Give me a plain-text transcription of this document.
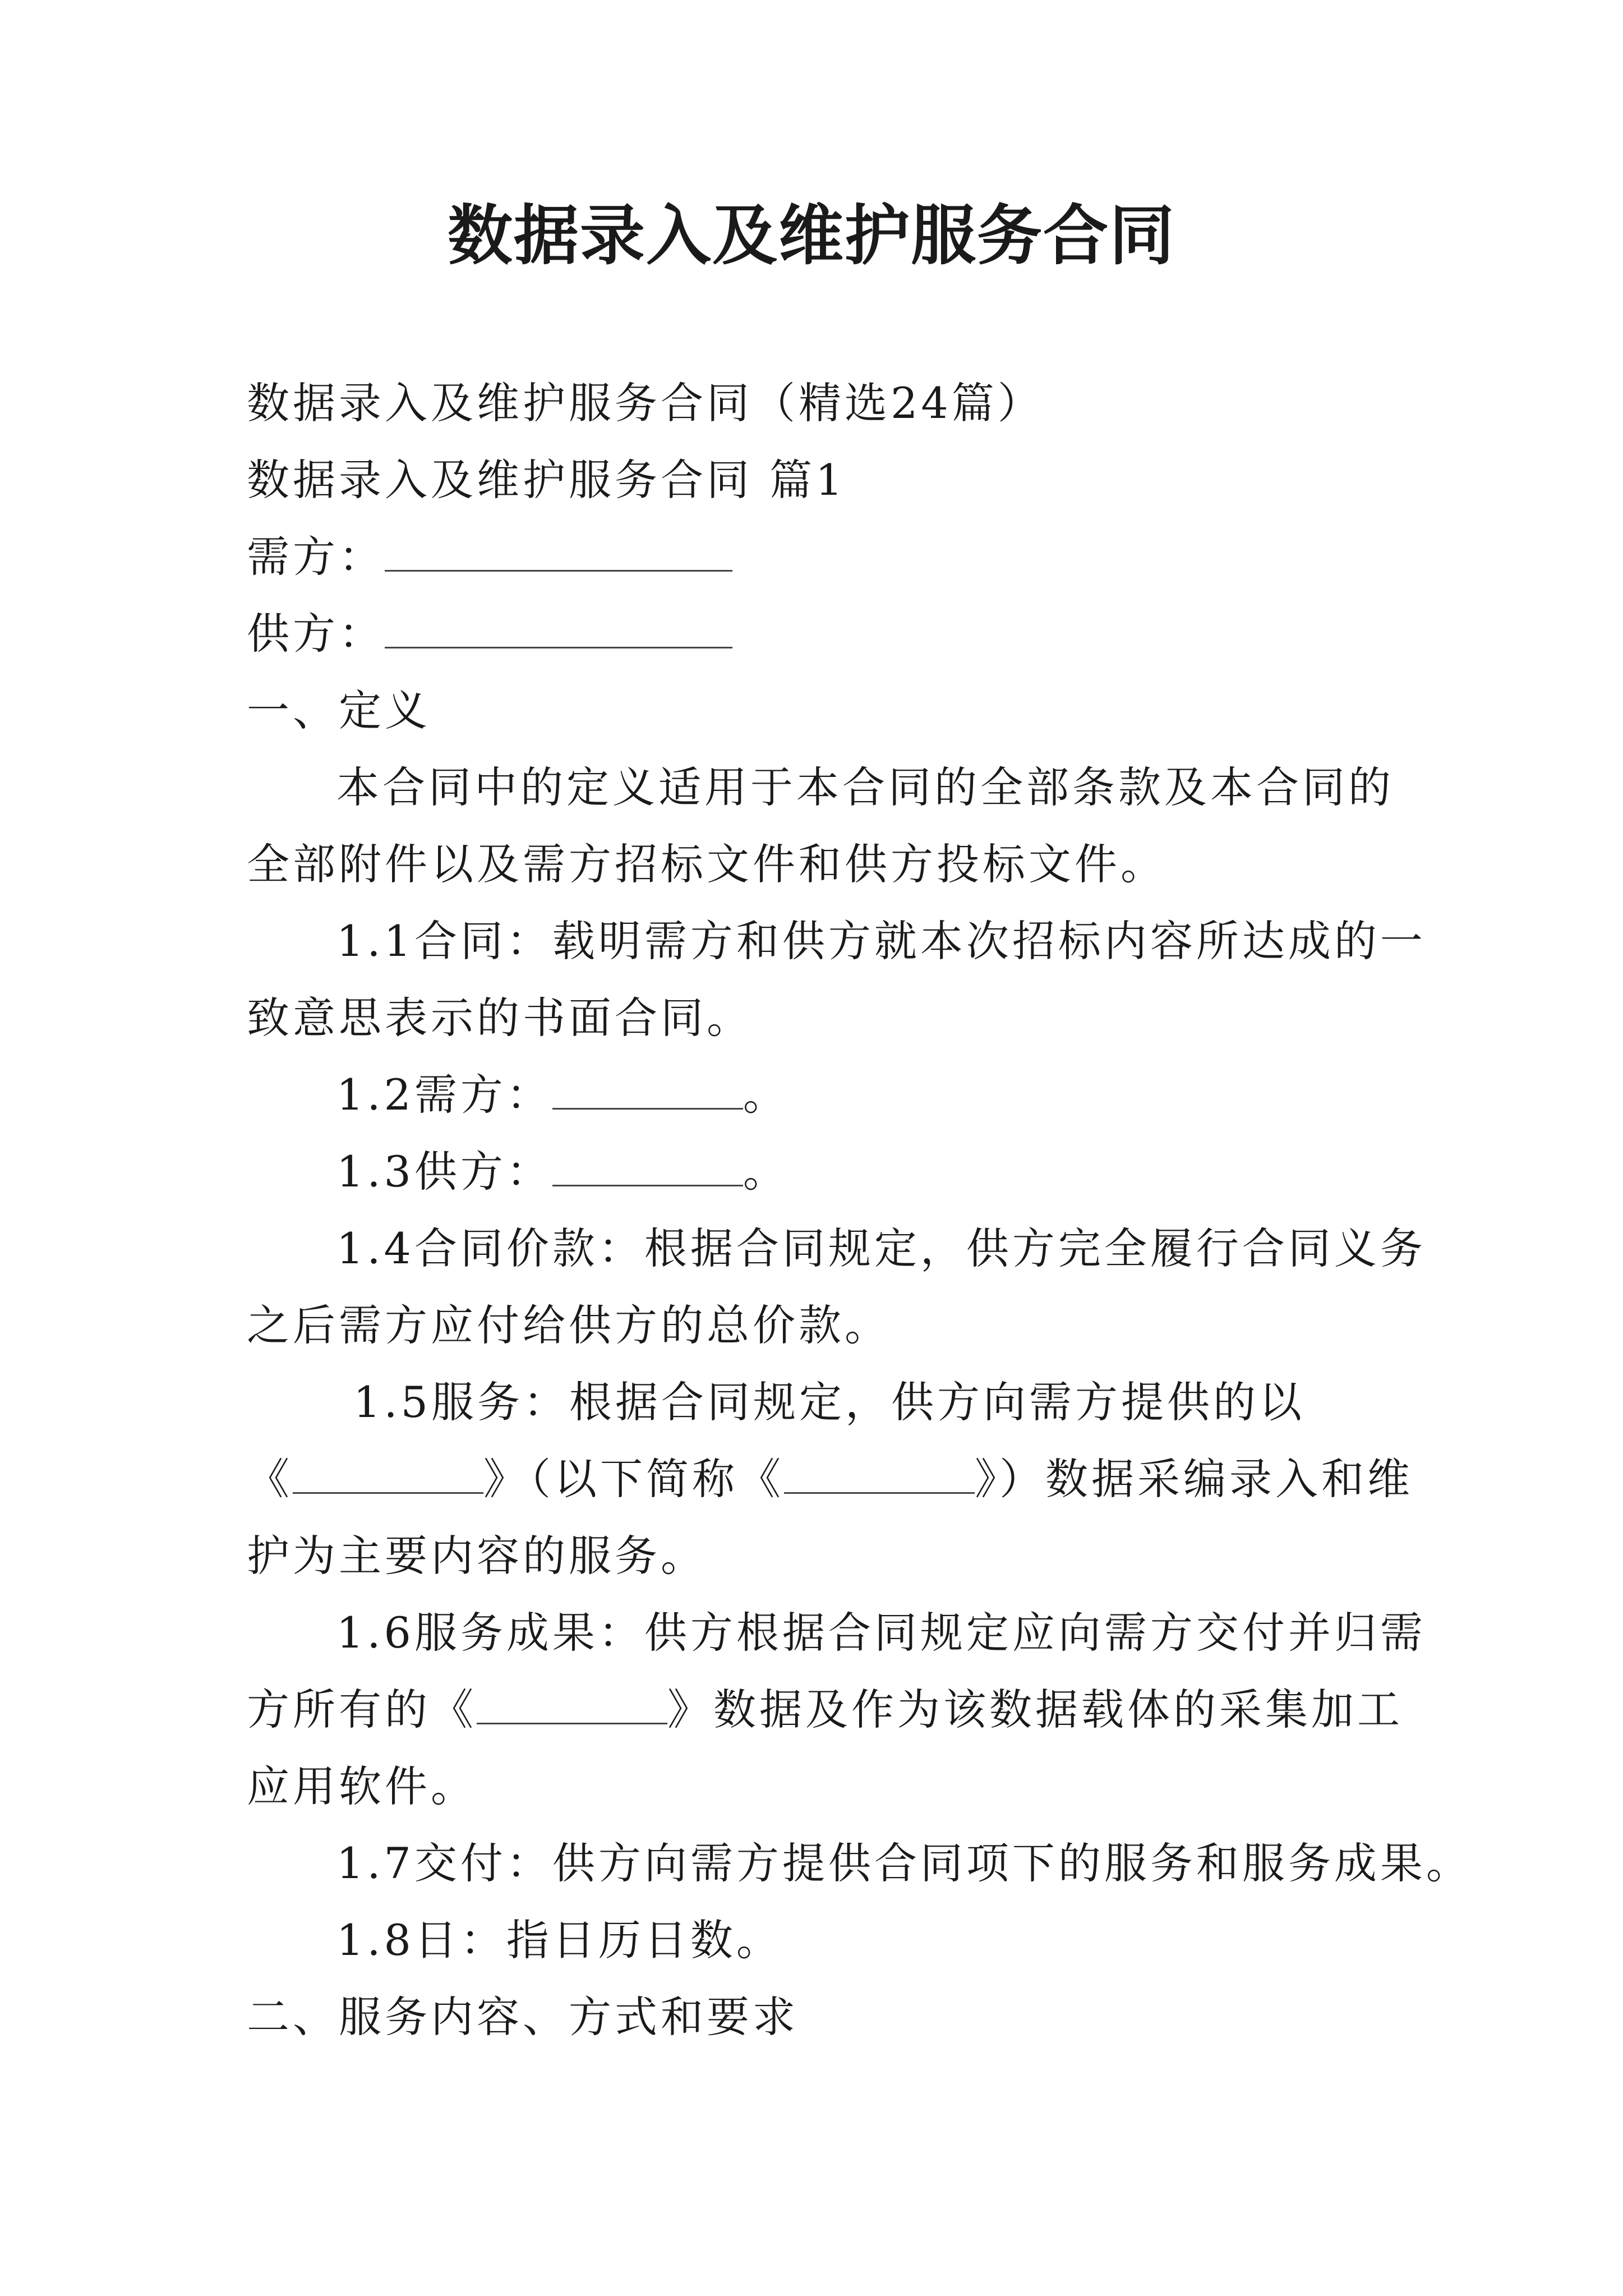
数据录入及维护服务合同

数据录入及维护服务合同（精选24篇）

数据录入及维护服务合同 篇1

需方：

供方：

一、定义

本合同中的定义适用于本合同的全部条款及本合同的

全部附件以及需方招标文件和供方投标文件。

1.1合同：载明需方和供方就本次招标内容所达成的一

致意思表示的书面合同。

1.2需方：	。

1.3供方：	。

1.4合同价款：根据合同规定，供方完全履行合同义务

之后需方应付给供方的总价款。

1.5服务：根据合同规定，供方向需方提供的以

《	》（以下简称《	》）数据采编录入和维

护为主要内容的服务。

1.6服务成果：供方根据合同规定应向需方交付并归需

方所有的《	》数据及作为该数据载体的采集加工

应用软件。

1.7交付：供方向需方提供合同项下的服务和服务成果。

1.8日：指日历日数。

二、服务内容、方式和要求
